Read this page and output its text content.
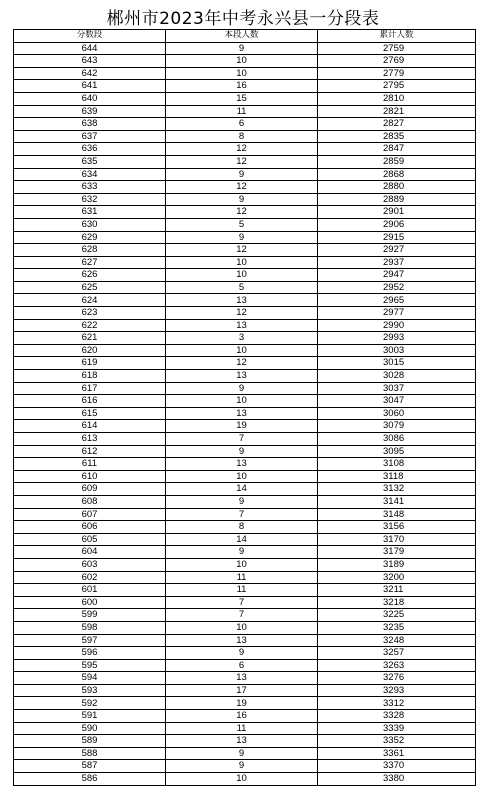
郴州市2023年中考永兴县一分段表
分数段	本段人数	累计人数
644	9	2759
643	10	2769
642	10	2779
641	16	2795
640	15	2810
639	11	2821
638	6	2827
637	8	2835
636	12	2847
635	12	2859
634	9	2868
633	12	2880
632	9	2889
631	12	2901
630	5	2906
629	9	2915
628	12	2927
627	10	2937
626	10	2947
625	5	2952
624	13	2965
623	12	2977
622	13	2990
621	3	2993
620	10	3003
619	12	3015
618	13	3028
617	9	3037
616	10	3047
615	13	3060
614	19	3079
613	7	3086
612	9	3095
611	13	3108
610	10	3118
609	14	3132
608	9	3141
607	7	3148
606	8	3156
605	14	3170
604	9	3179
603	10	3189
602	11	3200
601	11	3211
600	7	3218
599	7	3225
598	10	3235
597	13	3248
596	9	3257
595	6	3263
594	13	3276
593	17	3293
592	19	3312
591	16	3328
590	11	3339
589	13	3352
588	9	3361
587	9	3370
586	10	3380
